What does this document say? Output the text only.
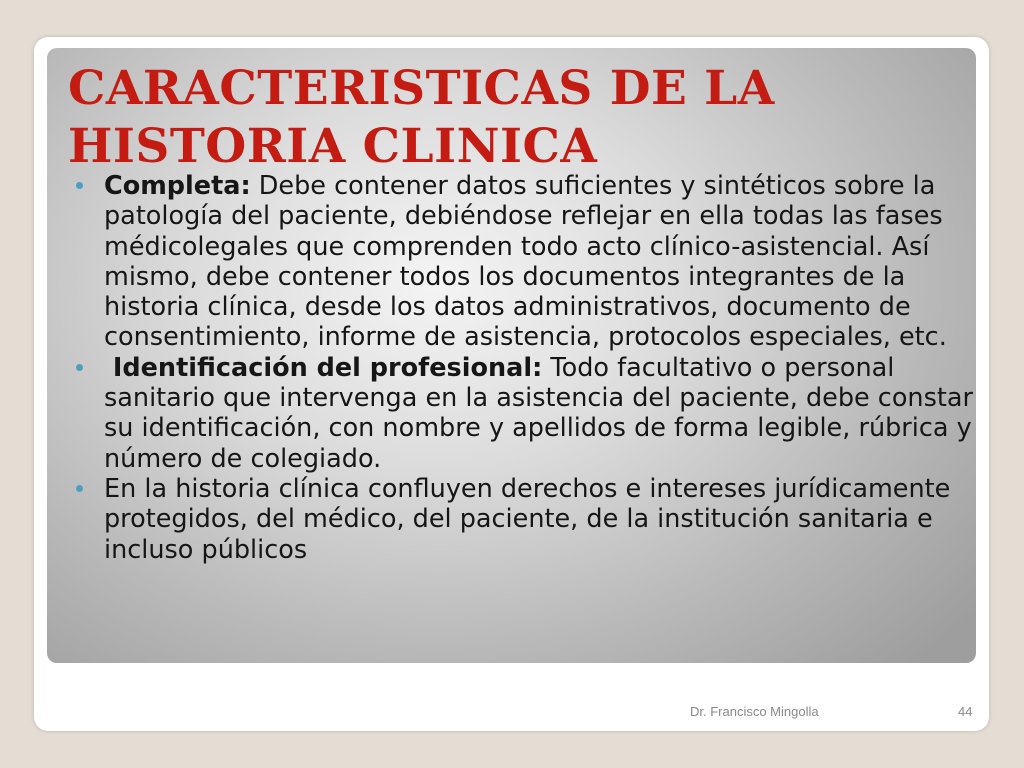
CARACTERISTICAS DE LA HISTORIA CLINICA
Completa: Debe contener datos suficientes y sintéticos sobre la patología del paciente, debiéndose reflejar en ella todas las fases médicolegales que comprenden todo acto clínico-asistencial. Así mismo, debe contener todos los documentos integrantes de la historia clínica, desde los datos administrativos, documento de consentimiento, informe de asistencia, protocolos especiales, etc.
Identificación del profesional: Todo facultativo o personal sanitario que intervenga en la asistencia del paciente, debe constar su identificación, con nombre y apellidos de forma legible, rúbrica y número de colegiado.
En la historia clínica confluyen derechos e intereses jurídicamente protegidos, del médico, del paciente, de la institución sanitaria e incluso públicos
Dr. Francisco Mingolla	44
